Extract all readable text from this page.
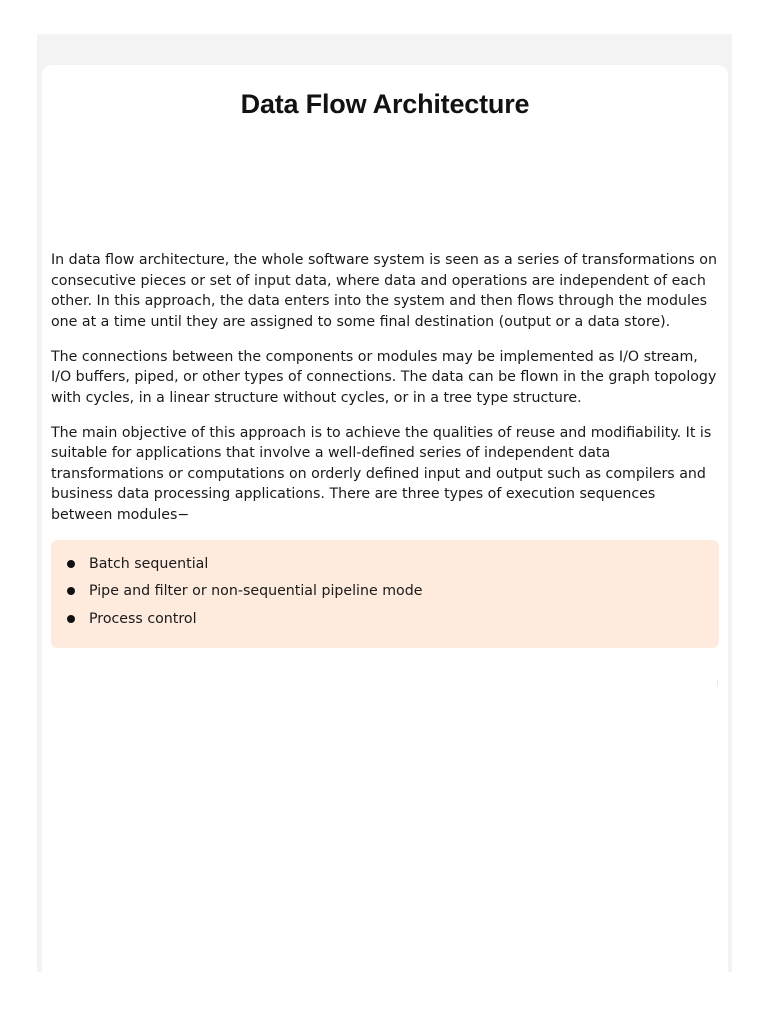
Data Flow Architecture

In data flow architecture, the whole software system is seen as a series of transformations on consecutive pieces or set of input data, where data and operations are independent of each other. In this approach, the data enters into the system and then flows through the modules one at a time until they are assigned to some final destination (output or a data store).

The connections between the components or modules may be implemented as I/O stream, I/O buffers, piped, or other types of connections. The data can be flown in the graph topology with cycles, in a linear structure without cycles, or in a tree type structure.

The main objective of this approach is to achieve the qualities of reuse and modifiability. It is suitable for applications that involve a well-defined series of independent data transformations or computations on orderly defined input and output such as compilers and business data processing applications. There are three types of execution sequences between modules−

Batch sequential
Pipe and filter or non-sequential pipeline mode
Process control
